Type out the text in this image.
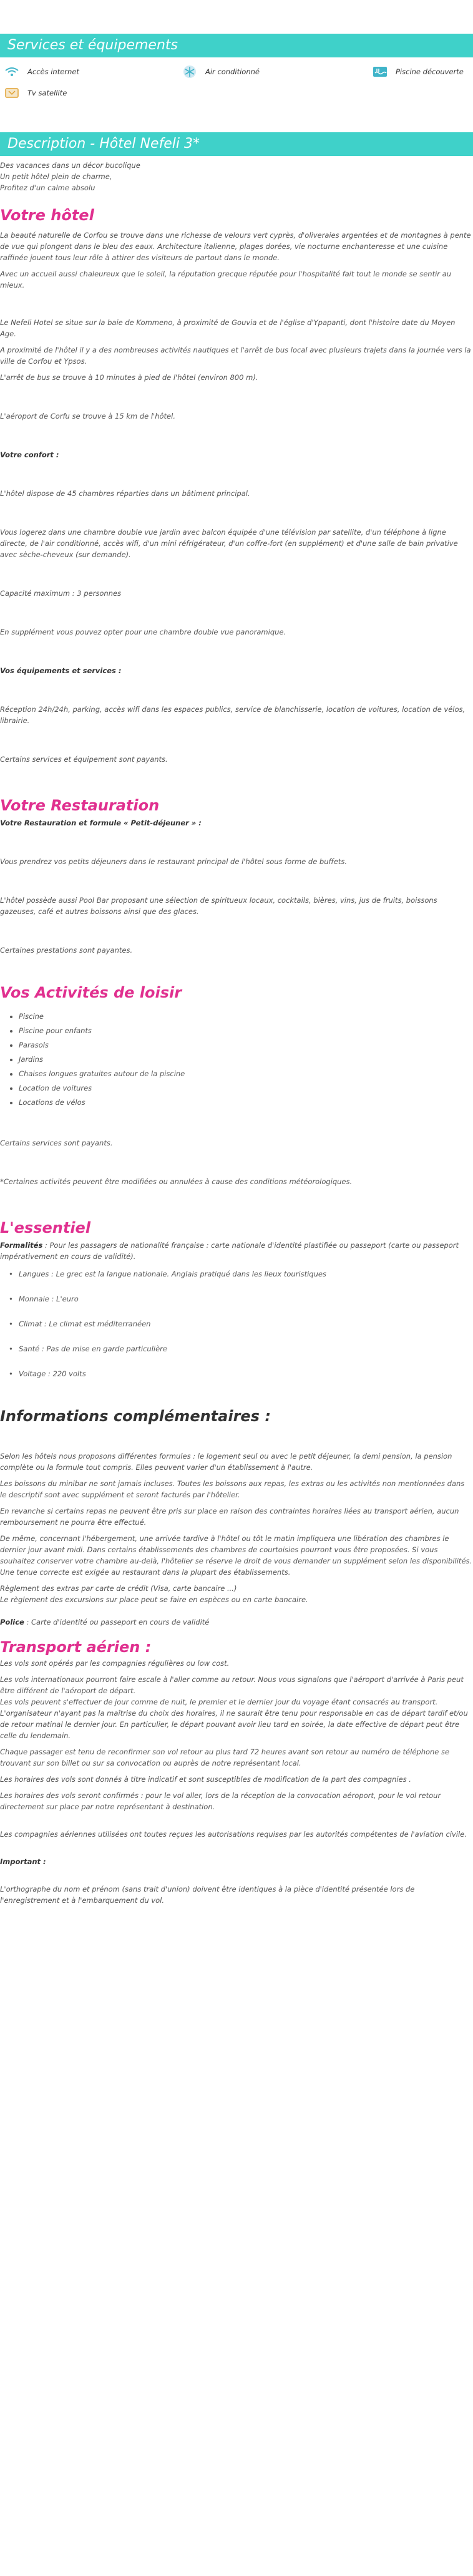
Services et équipements
Accès internet	Air conditionné	Piscine découverte
Tv satellite
Description - Hôtel Nefeli 3*

Des vacances dans un décor bucolique

Un petit hôtel plein de charme,

Profitez d'un calme absolu

Votre hôtel

La beauté naturelle de Corfou se trouve dans une richesse de velours vert cyprès, d'oliveraies argentées et de montagnes à pente de vue qui plongent dans le bleu des eaux. Architecture italienne, plages dorées, vie nocturne enchanteresse et une cuisine raffinée jouent tous leur rôle à attirer des visiteurs de partout dans le monde.

Avec un accueil aussi chaleureux que le soleil, la réputation grecque réputée pour l'hospitalité fait tout le monde se sentir au mieux.

Le Nefeli Hotel se situe sur la baie de Kommeno, à proximité de Gouvia et de l'église d'Ypapanti, dont l'histoire date du Moyen Age.

A proximité de l'hôtel il y a des nombreuses activités nautiques et l'arrêt de bus local avec plusieurs trajets dans la journée vers la ville de Corfou et Ypsos.

L'arrêt de bus se trouve à 10 minutes à pied de l'hôtel (environ 800 m).

L'aéroport de Corfu se trouve à 15 km de l'hôtel.

Votre confort :

L'hôtel dispose de 45 chambres réparties dans un bâtiment principal.

Vous logerez dans une chambre double vue jardin avec balcon équipée d'une télévision par satellite, d'un téléphone à ligne directe, de l'air conditionné, accès wifi, d'un mini réfrigérateur, d'un coffre-fort (en supplément) et d'une salle de bain privative avec sèche-cheveux (sur demande).

Capacité maximum : 3 personnes

En supplément vous pouvez opter pour une chambre double vue panoramique.

Vos équipements et services :

Réception 24h/24h, parking, accès wifi dans les espaces publics, service de blanchisserie, location de voitures, location de vélos, librairie.

Certains services et équipement sont payants.

Votre Restauration

Votre Restauration et formule « Petit-déjeuner » :

Vous prendrez vos petits déjeuners dans le restaurant principal de l'hôtel sous forme de buffets.

L'hôtel possède aussi Pool Bar proposant une sélection de spiritueux locaux, cocktails, bières, vins, jus de fruits, boissons gazeuses, café et autres boissons ainsi que des glaces.

Certaines prestations sont payantes.

Vos Activités de loisir
• Piscine
• Piscine pour enfants
• Parasols
• Jardins
• Chaises longues gratuites autour de la piscine
• Location de voitures
• Locations de vélos

Certains services sont payants.

*Certaines activités peuvent être modifiées ou annulées à cause des conditions météorologiques.

L'essentiel

Formalités : Pour les passagers de nationalité française : carte nationale d'identité plastifiée ou passeport (carte ou passeport impérativement en cours de validité).

• Langues : Le grec est la langue nationale. Anglais pratiqué dans les lieux touristiques
• Monnaie : L'euro
• Climat : Le climat est méditerranéen
• Santé : Pas de mise en garde particulière
• Voltage : 220 volts
Informations complémentaires :

Selon les hôtels nous proposons différentes formules : le logement seul ou avec le petit déjeuner, la demi pension, la pension complète ou la formule tout compris. Elles peuvent varier d'un établissement à l'autre.

Les boissons du minibar ne sont jamais incluses. Toutes les boissons aux repas, les extras ou les activités non mentionnées dans le descriptif sont avec supplément et seront facturés par l'hôtelier.

En revanche si certains repas ne peuvent être pris sur place en raison des contraintes horaires liées au transport aérien, aucun remboursement ne pourra être effectué.

De même, concernant l'hébergement, une arrivée tardive à l'hôtel ou tôt le matin impliquera une libération des chambres le dernier jour avant midi. Dans certains établissements des chambres de courtoisies pourront vous être proposées. Si vous souhaitez conserver votre chambre au-delà, l'hôtelier se réserve le droit de vous demander un supplément selon les disponibilités.

Une tenue correcte est exigée au restaurant dans la plupart des établissements.

Règlement des extras par carte de crédit (Visa, carte bancaire ...)

Le règlement des excursions sur place peut se faire en espèces ou en carte bancaire.

Police : Carte d'identité ou passeport en cours de validité

Transport aérien :

Les vols sont opérés par les compagnies régulières ou low cost.

Les vols internationaux pourront faire escale à l'aller comme au retour. Nous vous signalons que l'aéroport d'arrivée à Paris peut être différent de l'aéroport de départ.

Les vols peuvent s'effectuer de jour comme de nuit, le premier et le dernier jour du voyage étant consacrés au transport. L'organisateur n'ayant pas la maîtrise du choix des horaires, il ne saurait être tenu pour responsable en cas de départ tardif et/ou de retour matinal le dernier jour. En particulier, le départ pouvant avoir lieu tard en soirée, la date effective de départ peut être celle du lendemain.

Chaque passager est tenu de reconfirmer son vol retour au plus tard 72 heures avant son retour au numéro de téléphone se trouvant sur son billet ou sur sa convocation ou auprès de notre représentant local.

Les horaires des vols sont donnés à titre indicatif et sont susceptibles de modification de la part des compagnies .

Les horaires des vols seront confirmés : pour le vol aller, lors de la réception de la convocation aéroport, pour le vol retour directement sur place par notre représentant à destination.

Les compagnies aériennes utilisées ont toutes reçues les autorisations requises par les autorités compétentes de l'aviation civile.

Important :

L'orthographe du nom et prénom (sans trait d'union) doivent être identiques à la pièce d'identité présentée lors de l'enregistrement et à l'embarquement du vol.
